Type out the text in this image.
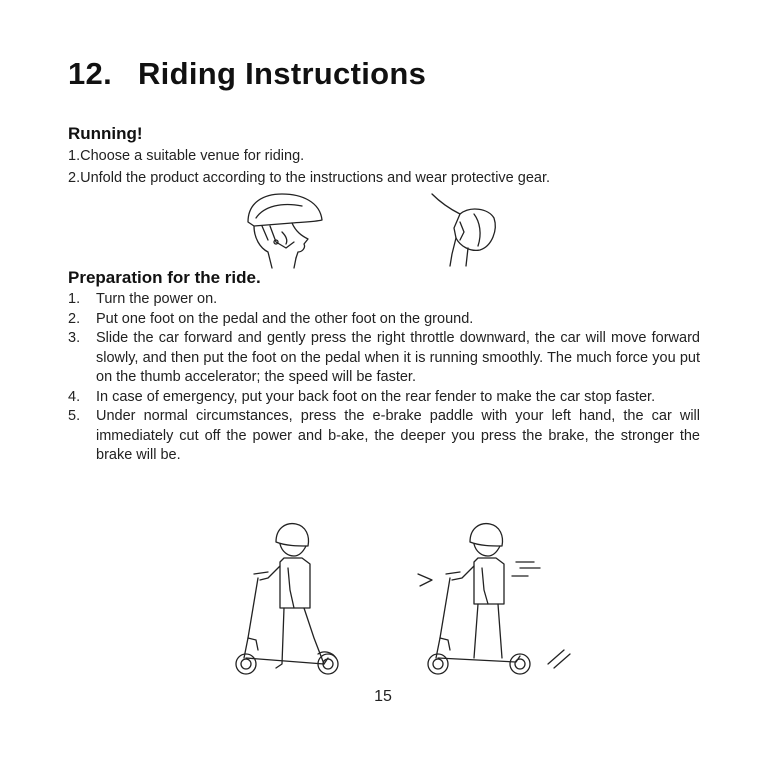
12. Riding Instructions
Running!
1.Choose a suitable venue for riding.
2.Unfold the product according to the instructions and wear protective gear.
Preparation for the ride.
1. Turn the power on.
2. Put one foot on the pedal and the other foot on the ground.
3. Slide the car forward and gently press the right throttle downward, the car will move forward slowly, and then put the foot on the pedal when it is running smoothly. The much force you put on the thumb accelerator; the speed will be faster.
4. In case of emergency, put your back foot on the rear fender to make the car stop faster.
5. Under normal circumstances, press the e-brake paddle with your left hand, the car will immediately cut off the power and b-ake, the deeper you press the brake, the stronger the brake will be.
15
